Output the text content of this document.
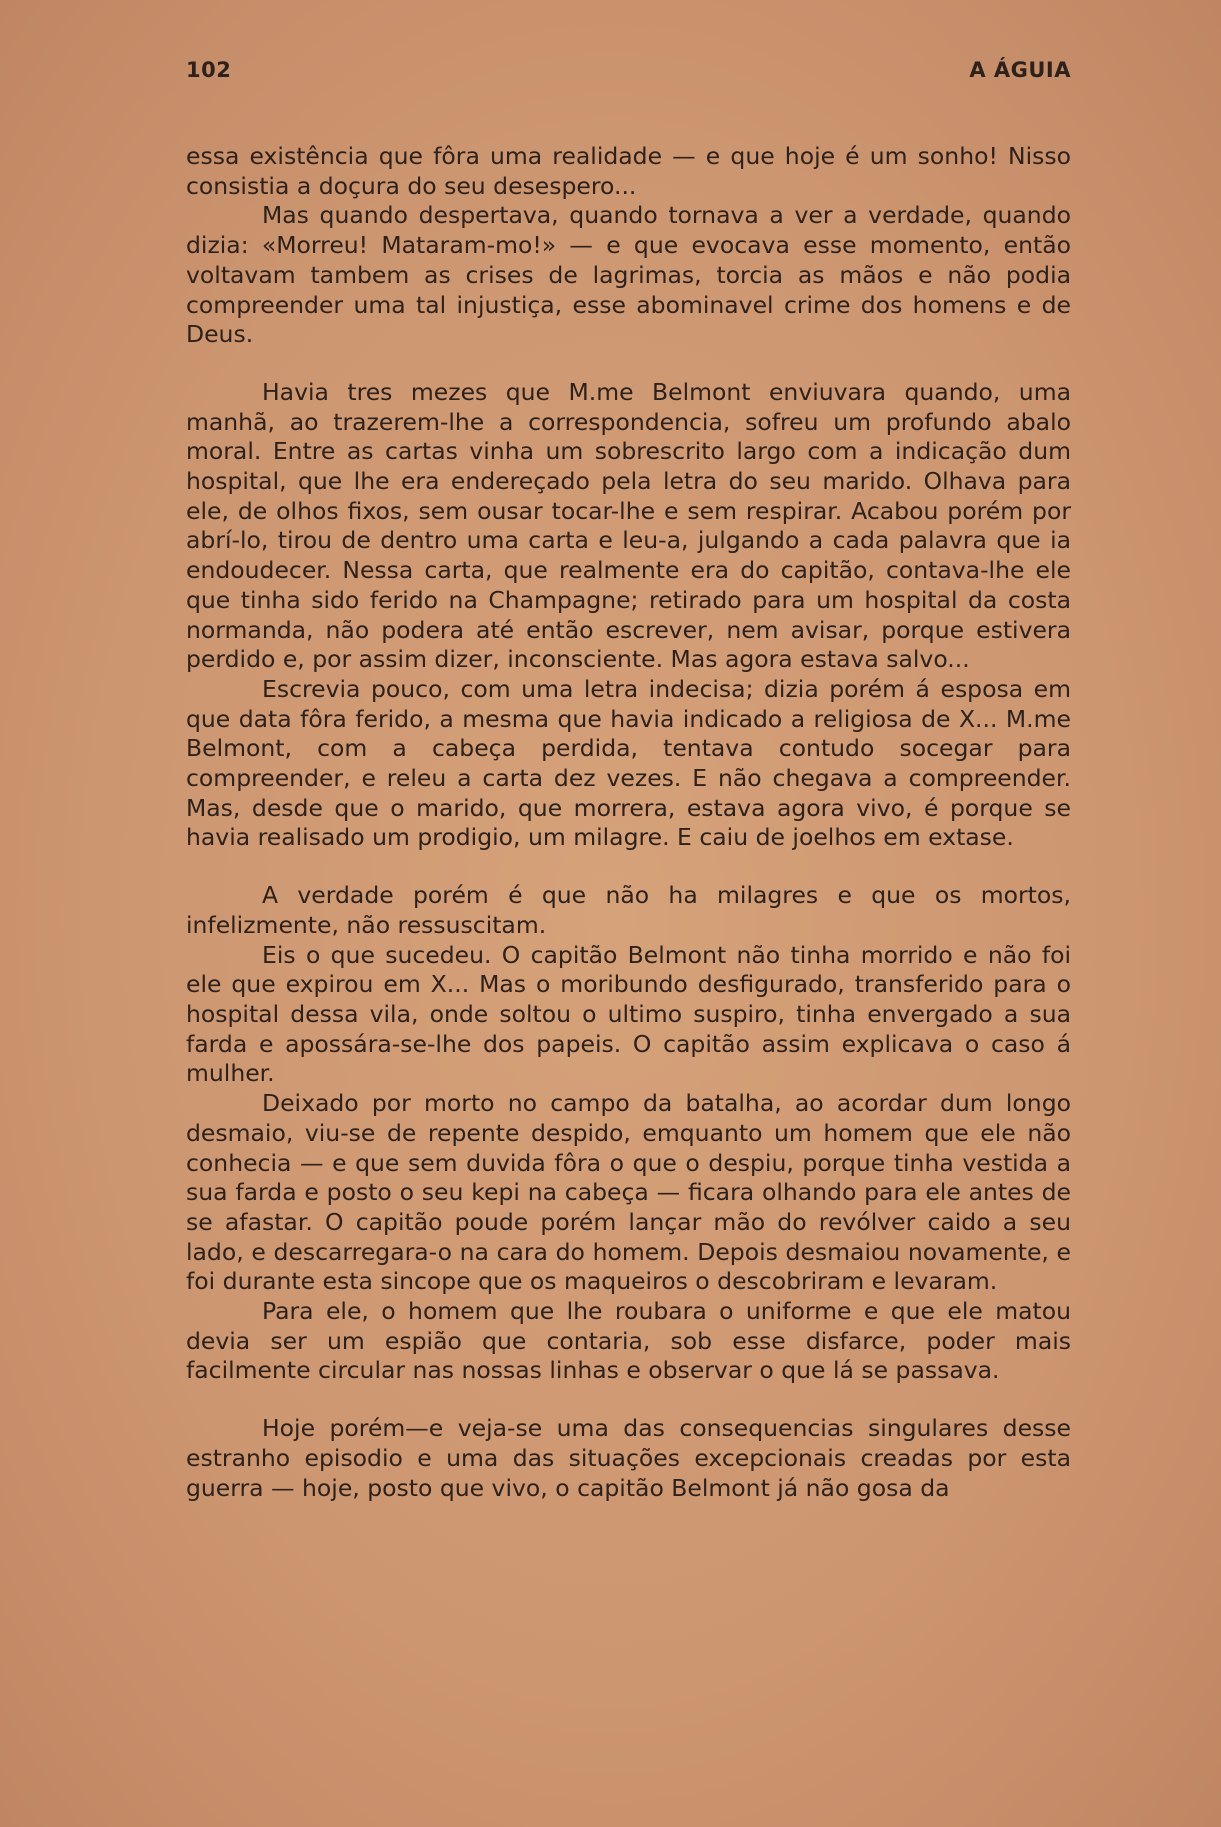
102	A ÁGUIA

essa existência que fôra uma realidade — e que hoje é um sonho! Nisso consistia a doçura do seu desespero...

Mas quando despertava, quando tornava a ver a verdade, quando dizia: «Morreu! Mataram-mo!» — e que evocava esse momento, então voltavam tambem as crises de lagrimas, torcia as mãos e não podia compreender uma tal injustiça, esse abominavel crime dos homens e de Deus.

Havia tres mezes que M.me Belmont enviuvara quando, uma manhã, ao trazerem-lhe a correspondencia, sofreu um profundo abalo moral. Entre as cartas vinha um sobrescrito largo com a indicação dum hospital, que lhe era endereçado pela letra do seu marido. Olhava para ele, de olhos fixos, sem ousar tocar-lhe e sem respirar. Acabou porém por abrí-lo, tirou de dentro uma carta e leu-a, julgando a cada palavra que ia endoudecer. Nessa carta, que realmente era do capitão, contava-lhe ele que tinha sido ferido na Champagne; retirado para um hospital da costa normanda, não podera até então escrever, nem avisar, porque estivera perdido e, por assim dizer, inconsciente. Mas agora estava salvo...

Escrevia pouco, com uma letra indecisa; dizia porém á esposa em que data fôra ferido, a mesma que havia indicado a religiosa de X... M.me Belmont, com a cabeça perdida, tentava contudo socegar para compreender, e releu a carta dez vezes. E não chegava a compreender. Mas, desde que o marido, que morrera, estava agora vivo, é porque se havia realisado um prodigio, um milagre. E caiu de joelhos em extase.

A verdade porém é que não ha milagres e que os mortos, infelizmente, não ressuscitam.

Eis o que sucedeu. O capitão Belmont não tinha morrido e não foi ele que expirou em X... Mas o moribundo desfigurado, transferido para o hospital dessa vila, onde soltou o ultimo suspiro, tinha envergado a sua farda e apossára-se-lhe dos papeis. O capitão assim explicava o caso á mulher.

Deixado por morto no campo da batalha, ao acordar dum longo desmaio, viu-se de repente despido, emquanto um homem que ele não conhecia — e que sem duvida fôra o que o despiu, porque tinha vestida a sua farda e posto o seu kepi na cabeça — ficara olhando para ele antes de se afastar. O capitão poude porém lançar mão do revólver caido a seu lado, e descarregara-o na cara do homem. Depois desmaiou novamente, e foi durante esta sincope que os maqueiros o descobriram e levaram.

Para ele, o homem que lhe roubara o uniforme e que ele matou devia ser um espião que contaria, sob esse disfarce, poder mais facilmente circular nas nossas linhas e observar o que lá se passava.

Hoje porém—e veja-se uma das consequencias singulares desse estranho episodio e uma das situações excepcionais creadas por esta guerra — hoje, posto que vivo, o capitão Belmont já não gosa da
